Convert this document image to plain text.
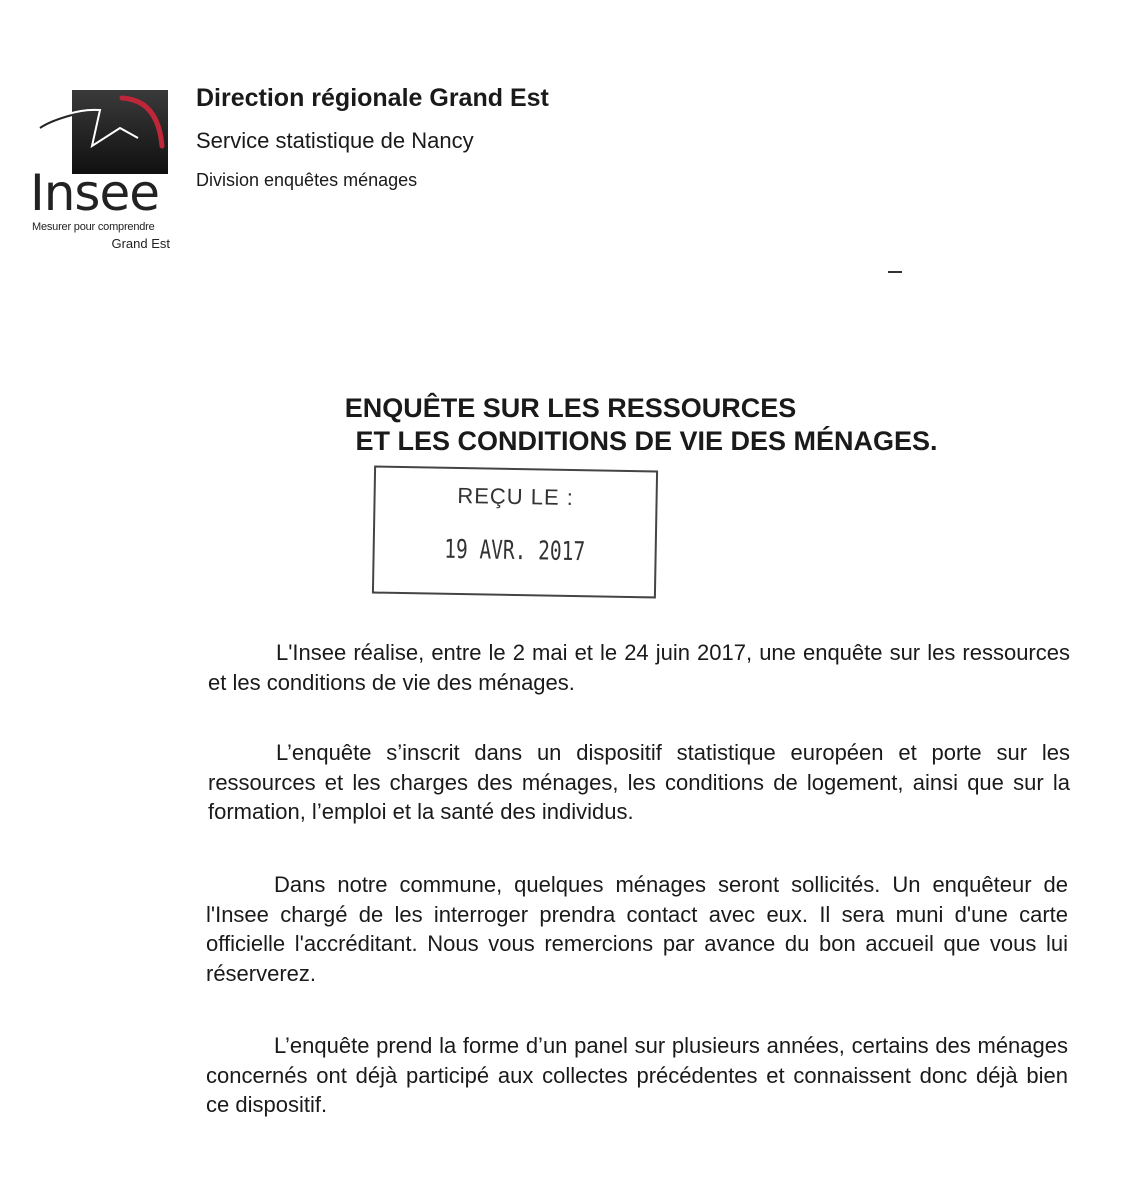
Insee
Mesurer pour comprendre
Grand Est
Direction régionale Grand Est
Service statistique de Nancy
Division enquêtes ménages
ENQUÊTE SUR LES RESSOURCES
ET LES CONDITIONS DE VIE DES MÉNAGES.
REÇU LE :
19 AVR. 2017
L'Insee réalise, entre le 2 mai et le 24 juin 2017, une enquête sur les ressources et les conditions de vie des ménages.
L’enquête s’inscrit dans un dispositif statistique européen et porte sur les ressources et les charges des ménages, les conditions de logement, ainsi que sur la formation, l’emploi et la santé des individus.
Dans notre commune, quelques ménages seront sollicités. Un enquêteur de l'Insee chargé de les interroger prendra contact avec eux. Il sera muni d'une carte officielle l'accréditant. Nous vous remercions par avance du bon accueil que vous lui réserverez.
L’enquête prend la forme d’un panel sur plusieurs années, certains des ménages concernés ont déjà participé aux collectes précédentes et connaissent donc déjà bien ce dispositif.
